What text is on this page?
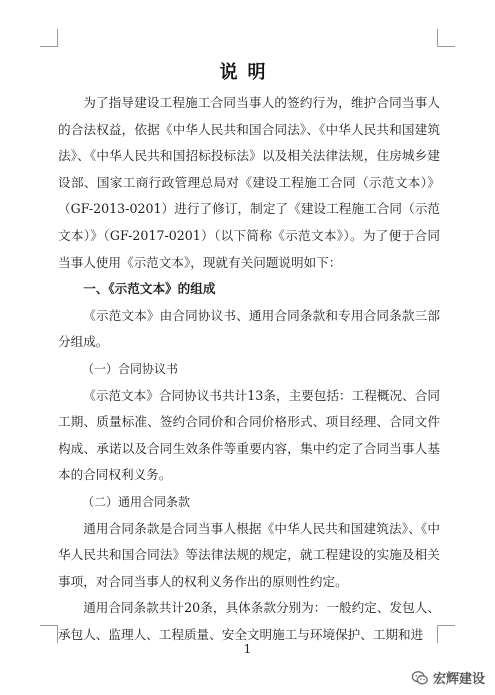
说明

为了指导建设工程施工合同当事人的签约行为，维护合同当事人的合法权益，依据《中华人民共和国合同法》、《中华人民共和国建筑法》、《中华人民共和国招标投标法》以及相关法律法规，住房城乡建设部、国家工商行政管理总局对《建设工程施工合同（示范文本）》（GF-2013-0201）进行了修订，制定了《建设工程施工合同（示范文本）》（GF-2017-0201）（以下简称《示范文本》）。为了便于合同当事人使用《示范文本》，现就有关问题说明如下：

一、《示范文本》的组成

《示范文本》由合同协议书、通用合同条款和专用合同条款三部分组成。

（一）合同协议书

《示范文本》合同协议书共计13条，主要包括：工程概况、合同工期、质量标准、签约合同价和合同价格形式、项目经理、合同文件构成、承诺以及合同生效条件等重要内容，集中约定了合同当事人基本的合同权利义务。

（二）通用合同条款

通用合同条款是合同当事人根据《中华人民共和国建筑法》、《中华人民共和国合同法》等法律法规的规定，就工程建设的实施及相关事项，对合同当事人的权利义务作出的原则性约定。

通用合同条款共计20条，具体条款分别为：一般约定、发包人、承包人、监理人、工程质量、安全文明施工与环境保护、工期和进

1
宏辉建设
